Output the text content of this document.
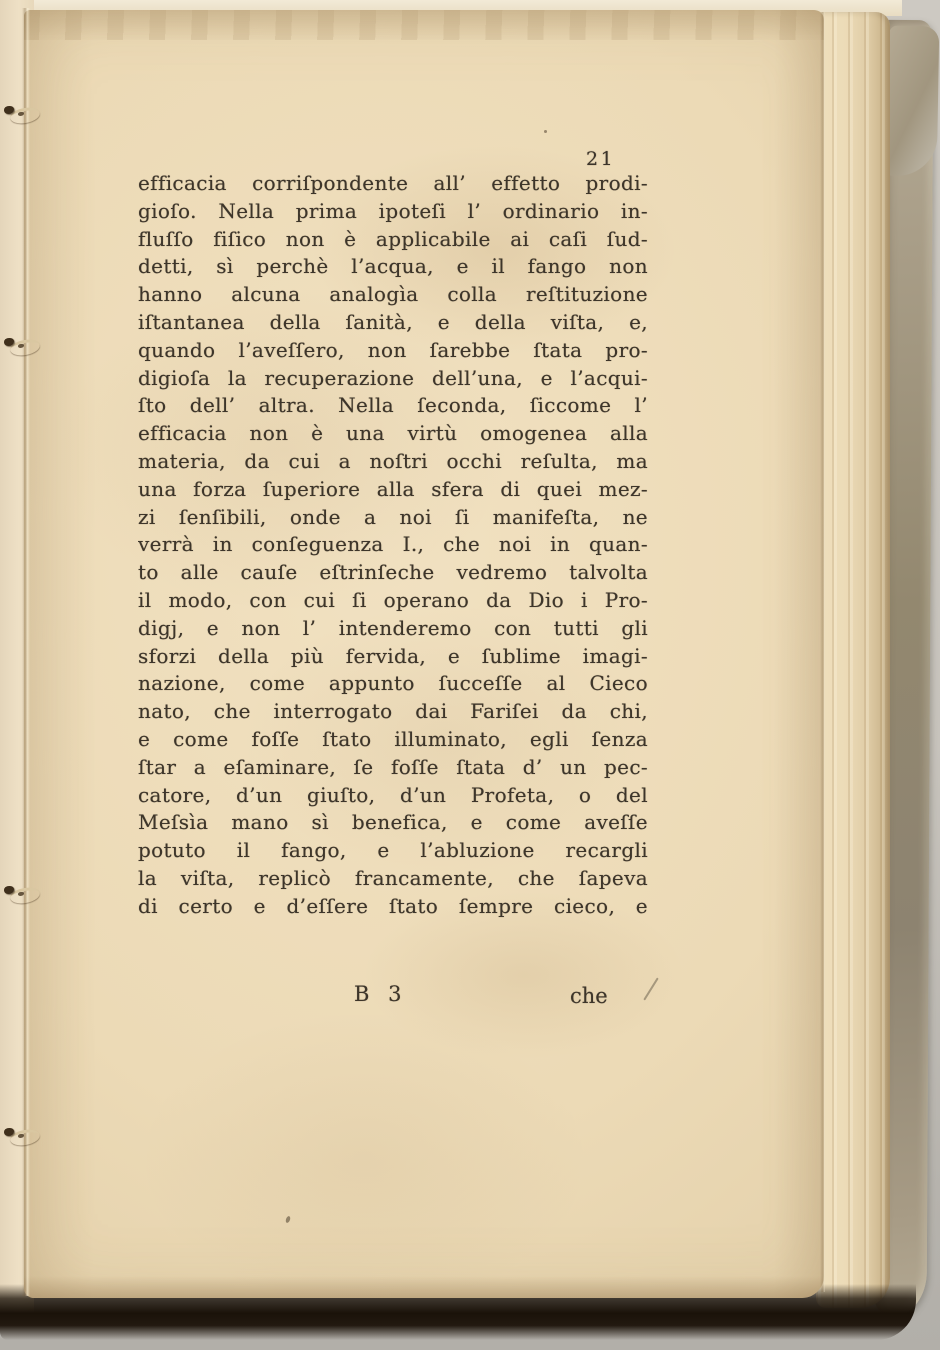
21
efficacia corriſpondente all’ effetto prodi-
gioſo. Nella prima ipoteſi l’ ordinario in-
fluſſo fiſico non è applicabile ai caſi ſud-
detti, sì perchè l’acqua, e il fango non
hanno alcuna analogìa colla reſtituzione
iſtantanea della ſanità, e della viſta, e,
quando l’aveſſero, non ſarebbe ſtata pro-
digioſa la recuperazione dell’una, e l’acqui-
ſto dell’ altra. Nella ſeconda, ſiccome l’
efficacia non è una virtù omogenea alla
materia, da cui a noſtri occhi reſulta, ma
una forza ſuperiore alla sfera di quei mez-
zi ſenſibili, onde a noi ſi manifeſta, ne
verrà in conſeguenza I., che noi in quan-
to alle cauſe eſtrinſeche vedremo talvolta
il modo, con cui ſi operano da Dio i Pro-
digj, e non l’ intenderemo con tutti gli
sforzi della più fervida, e ſublime imagi-
nazione, come appunto ſucceſſe al Cieco
nato, che interrogato dai Fariſei da chi,
e come foſſe ſtato illuminato, egli ſenza
ſtar a eſaminare, ſe foſſe ſtata d’ un pec-
catore, d’un giuſto, d’un Profeta, o del
Meſsìa mano sì benefica, e come aveſſe
potuto il fango, e l’abluzione recargli
la viſta, replicò francamente, che ſapeva
di certo e d’eſſere ſtato ſempre cieco, e
B 3	che
